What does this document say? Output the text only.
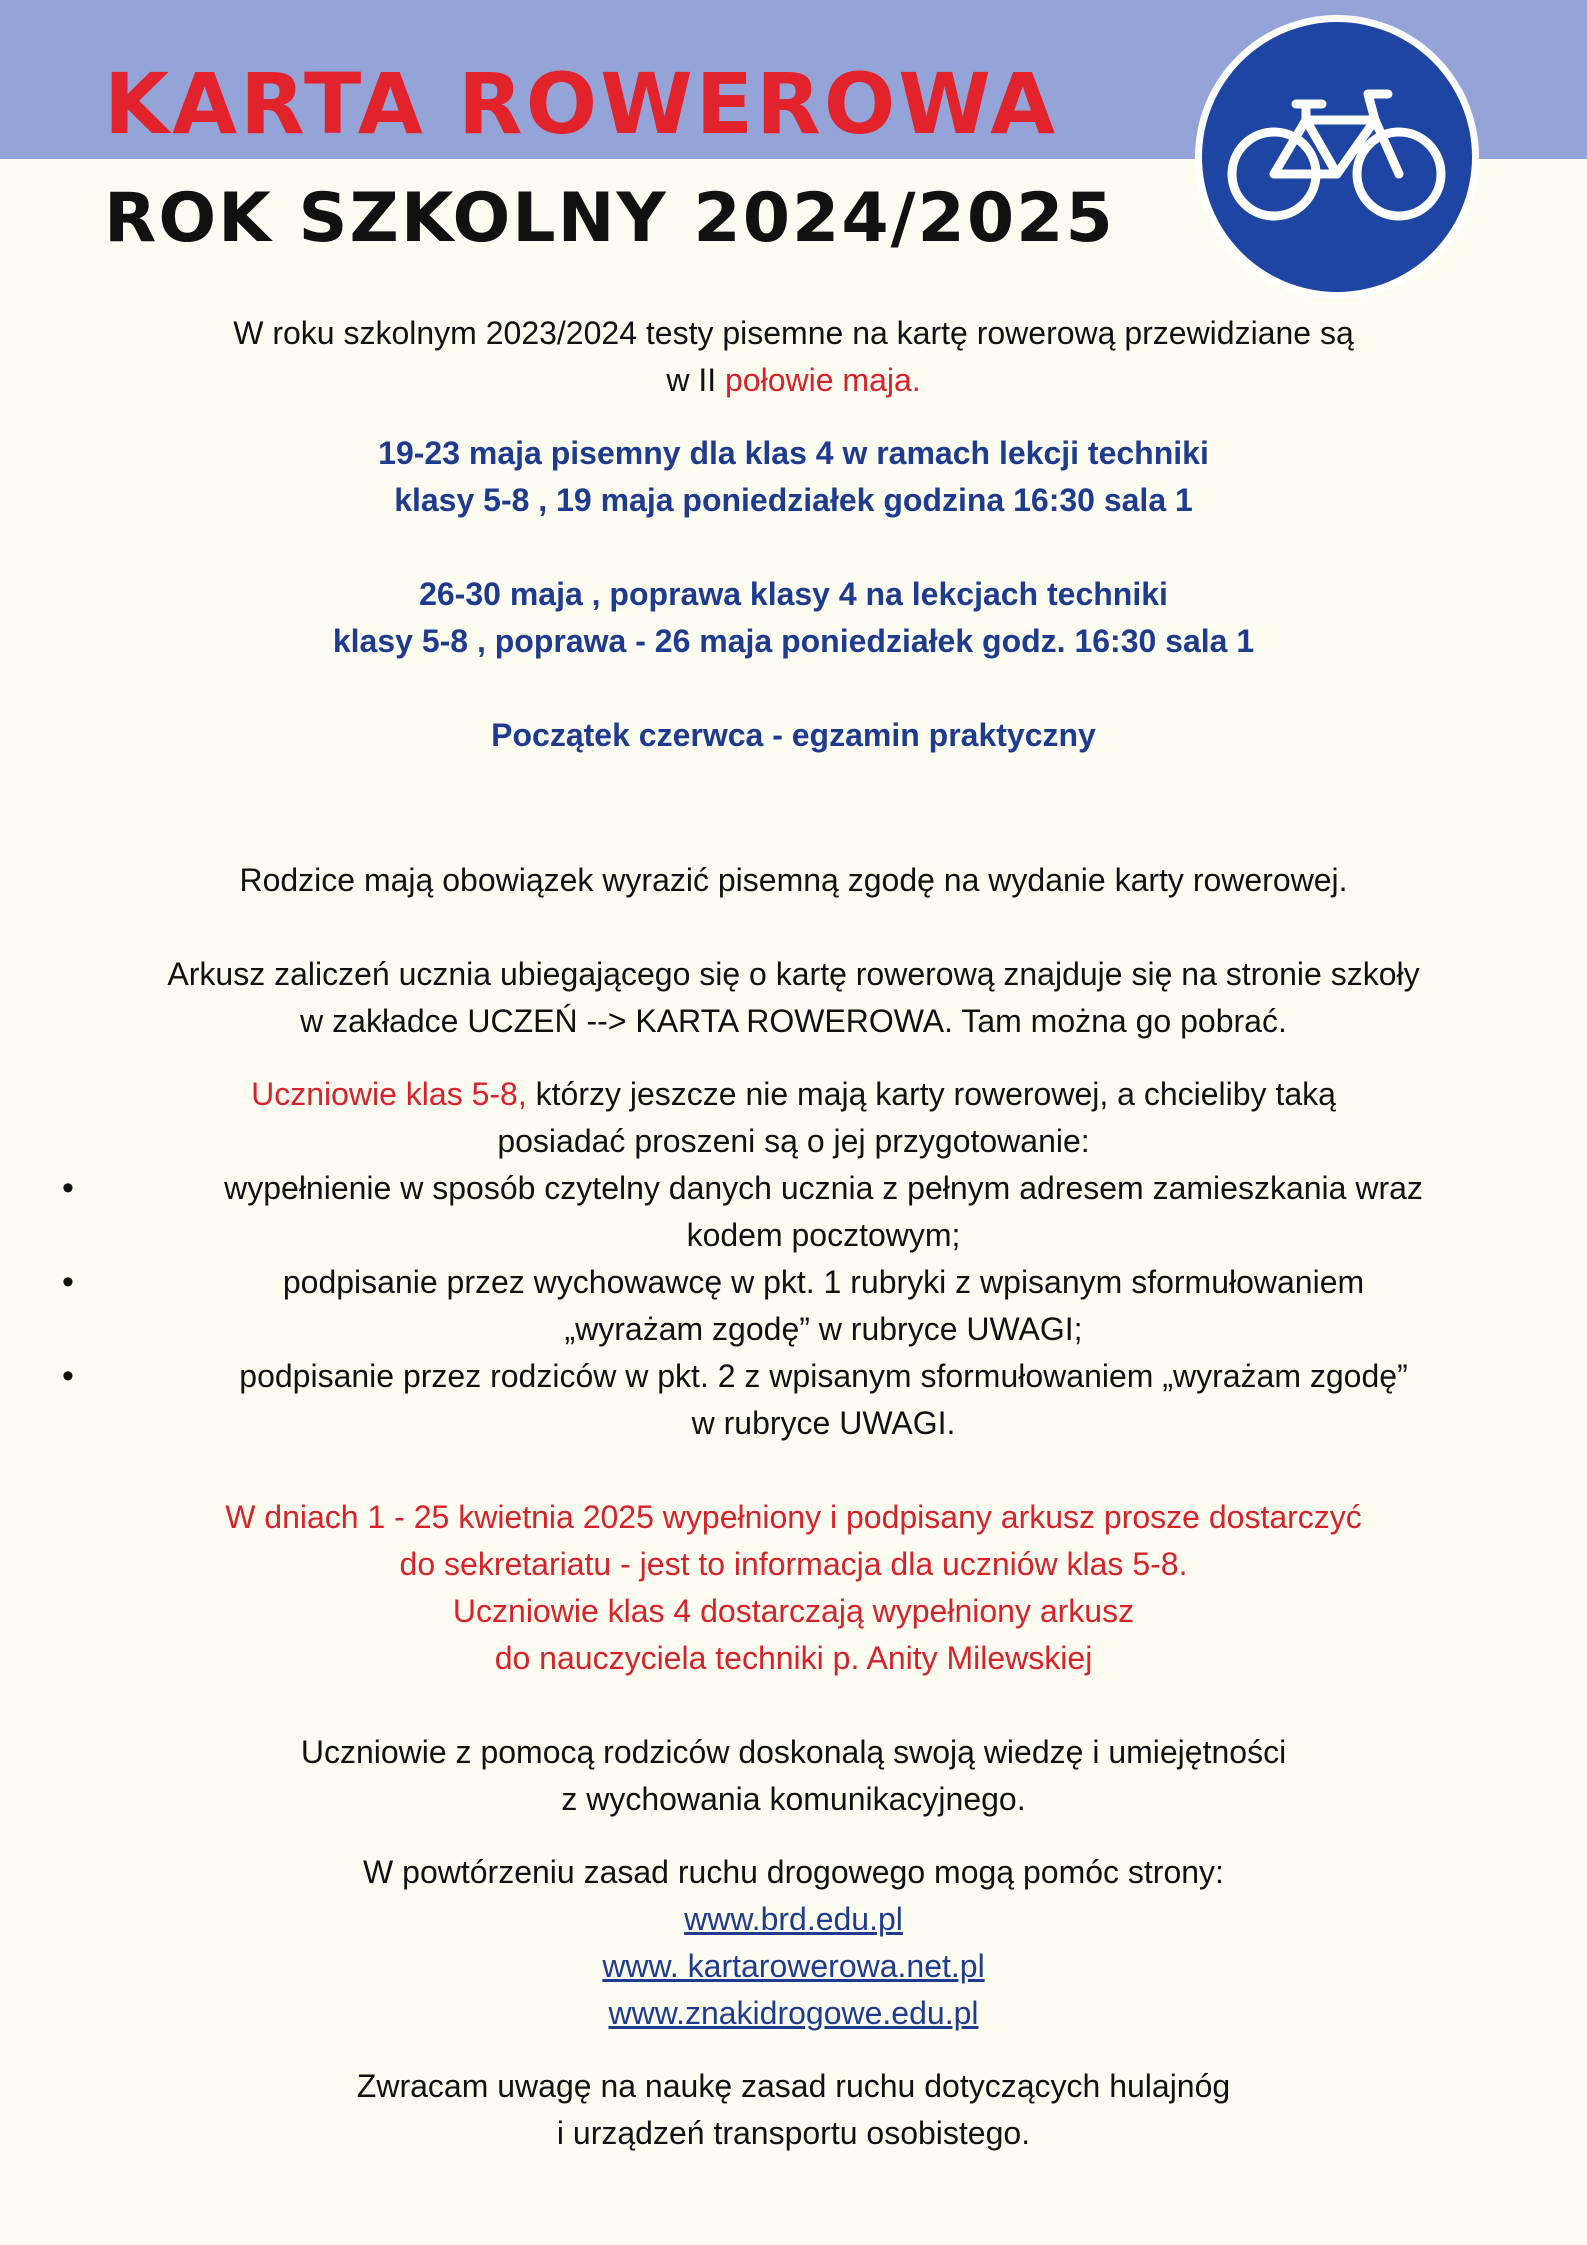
KARTA ROWEROWA
ROK SZKOLNY 2024/2025

W roku szkolnym 2023/2024 testy pisemne na kartę rowerową przewidziane są
w II połowie maja.

19-23 maja pisemny dla klas 4 w ramach lekcji techniki
klasy 5-8 , 19 maja poniedziałek godzina 16:30 sala 1

26-30 maja , poprawa klasy 4 na lekcjach techniki
klasy 5-8 , poprawa - 26 maja poniedziałek godz. 16:30 sala 1

Początek czerwca - egzamin praktyczny

Rodzice mają obowiązek wyrazić pisemną zgodę na wydanie karty rowerowej.

Arkusz zaliczeń ucznia ubiegającego się o kartę rowerową znajduje się na stronie szkoły
w zakładce UCZEŃ --> KARTA ROWEROWA. Tam można go pobrać.

Uczniowie klas 5-8, którzy jeszcze nie mają karty rowerowej, a chcieliby taką
posiadać proszeni są o jej przygotowanie:

• wypełnienie w sposób czytelny danych ucznia z pełnym adresem zamieszkania wraz
kodem pocztowym;
• podpisanie przez wychowawcę w pkt. 1 rubryki z wpisanym sformułowaniem
„wyrażam zgodę” w rubryce UWAGI;
• podpisanie przez rodziców w pkt. 2 z wpisanym sformułowaniem „wyrażam zgodę”
w rubryce UWAGI.

W dniach 1 - 25 kwietnia 2025 wypełniony i podpisany arkusz prosze dostarczyć
do sekretariatu - jest to informacja dla uczniów klas 5-8.
Uczniowie klas 4 dostarczają wypełniony arkusz
do nauczyciela techniki p. Anity Milewskiej

Uczniowie z pomocą rodziców doskonalą swoją wiedzę i umiejętności
z wychowania komunikacyjnego.

W powtórzeniu zasad ruchu drogowego mogą pomóc strony:
www.brd.edu.pl
www. kartarowerowa.net.pl
www.znakidrogowe.edu.pl

Zwracam uwagę na naukę zasad ruchu dotyczących hulajnóg
i urządzeń transportu osobistego.
